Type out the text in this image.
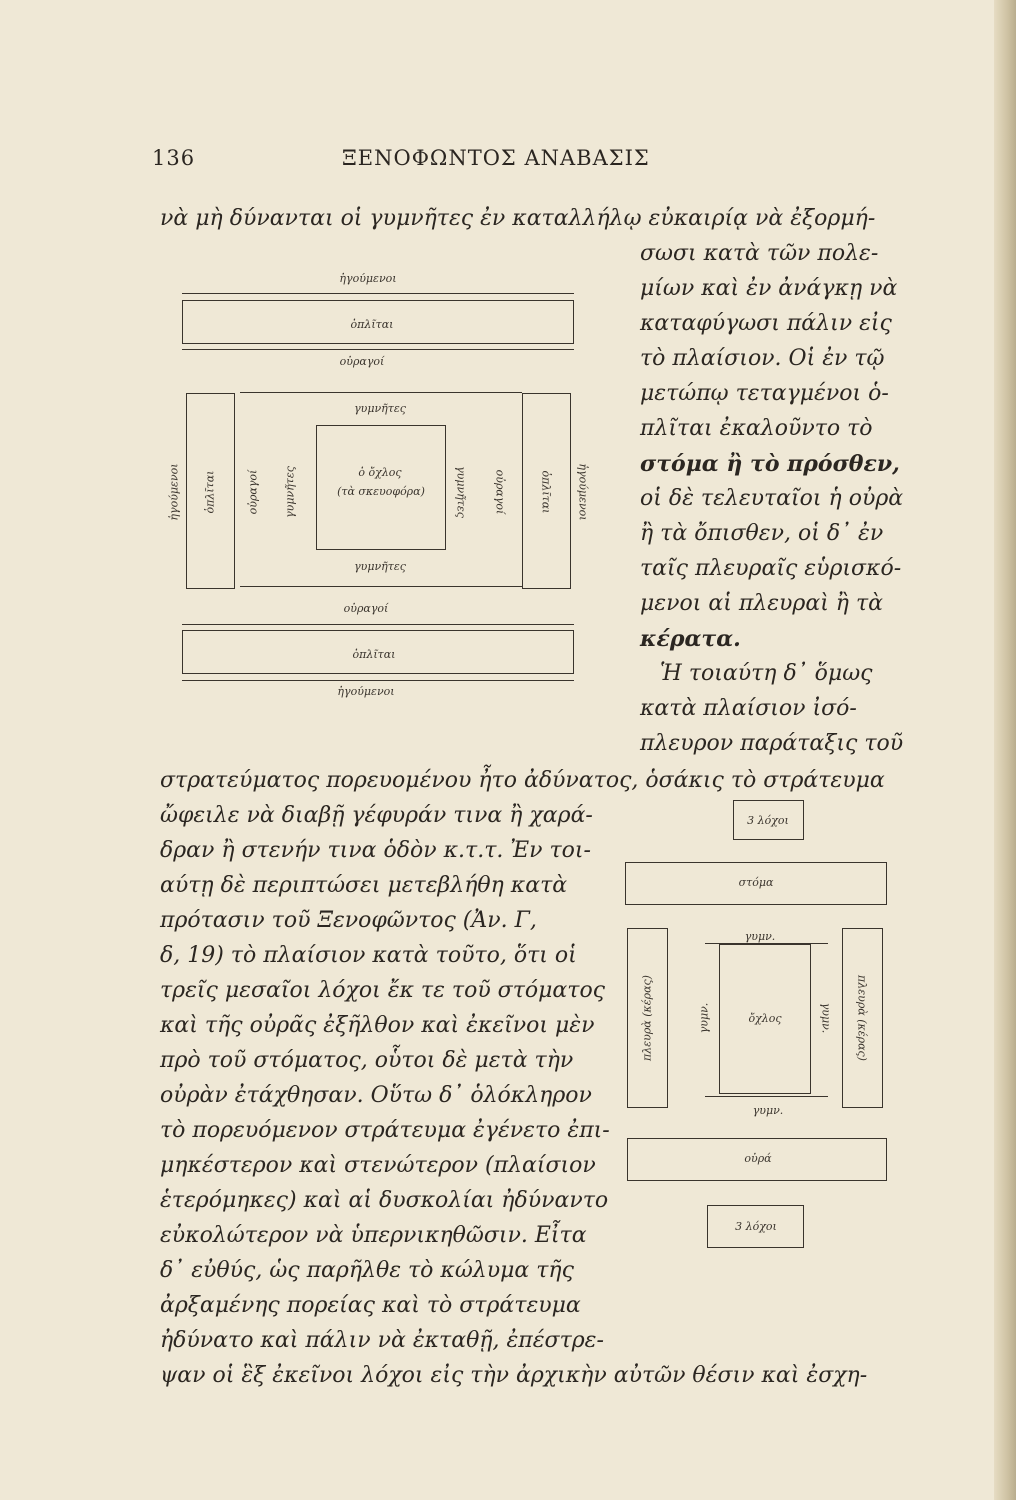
136	ΞΕΝΟΦΩΝΤΟΣ ΑΝΑΒΑΣΙΣ
νὰ μὴ δύνανται οἱ γυμνῆτες ἐν καταλλήλῳ εὐκαιρίᾳ νὰ ἐξορμή-
σωσι κατὰ τῶν πολε-
μίων καὶ ἐν ἀνάγκῃ νὰ
καταφύγωσι πάλιν εἰς
τὸ πλαίσιον. Οἱ ἐν τῷ
μετώπῳ τεταγμένοι ὁ-
πλῖται ἐκαλοῦντο τὸ
στόμα ἢ τὸ πρόσθεν,
οἱ δὲ τελευταῖοι ἡ οὐρὰ
ἢ τὰ ὄπισθεν, οἱ δ᾽ ἐν
ταῖς πλευραῖς εὑρισκό-
μενοι αἱ πλευραὶ ἢ τὰ
κέρατα.
Ἡ τοιαύτη δ᾽ ὅμως
κατὰ πλαίσιον ἰσό-
πλευρον παράταξις τοῦ
στρατεύματος πορευομένου ἦτο ἀδύνατος, ὁσάκις τὸ στράτευμα
ὤφειλε νὰ διαβῇ γέφυράν τινα ἢ χαρά-
δραν ἢ στενήν τινα ὁδὸν κ.τ.τ. Ἐν τοι-
αύτῃ δὲ περιπτώσει μετεβλήθη κατὰ
πρότασιν τοῦ Ξενοφῶντος (Ἀν. Γ,
δ, 19) τὸ πλαίσιον κατὰ τοῦτο, ὅτι οἱ
τρεῖς μεσαῖοι λόχοι ἔκ τε τοῦ στόματος
καὶ τῆς οὐρᾶς ἐξῆλθον καὶ ἐκεῖνοι μὲν
πρὸ τοῦ στόματος, οὗτοι δὲ μετὰ τὴν
οὐρὰν ἐτάχθησαν. Οὕτω δ᾽ ὁλόκληρον
τὸ πορευόμενον στράτευμα ἐγένετο ἐπι-
μηκέστερον καὶ στενώτερον (πλαίσιον
ἑτερόμηκες) καὶ αἱ δυσκολίαι ἠδύναντο
εὐκολώτερον νὰ ὑπερνικηθῶσιν. Εἶτα
δ᾽ εὐθύς, ὡς παρῆλθε τὸ κώλυμα τῆς
ἀρξαμένης πορείας καὶ τὸ στράτευμα
ἠδύνατο καὶ πάλιν νὰ ἐκταθῇ, ἐπέστρε-
ψαν οἱ ἓξ ἐκεῖνοι λόχοι εἰς τὴν ἀρχικὴν αὐτῶν θέσιν καὶ ἐσχη-
ἡγούμενοι
ὁπλῖται
οὐραγοί
γυμνῆτες
ὁ ὄχλος
(τὰ σκευοφόρα)
γυμνῆτες
οὐραγοί
ὁπλῖται
ἡγούμενοι
ἡγούμενοι ὁπλῖται	οὐραγοί γυμνῆτες	γυμνῆτες οὐραγοί	ὁπλῖται ἡγούμενοι
3 λόχοι
στόμα
γυμν.
πλευρὰ (κέρας)	γυμν.	ὄχλος	γυμν. πλευρὰ (κέρας)
γυμν.
οὐρά
3 λόχοι
